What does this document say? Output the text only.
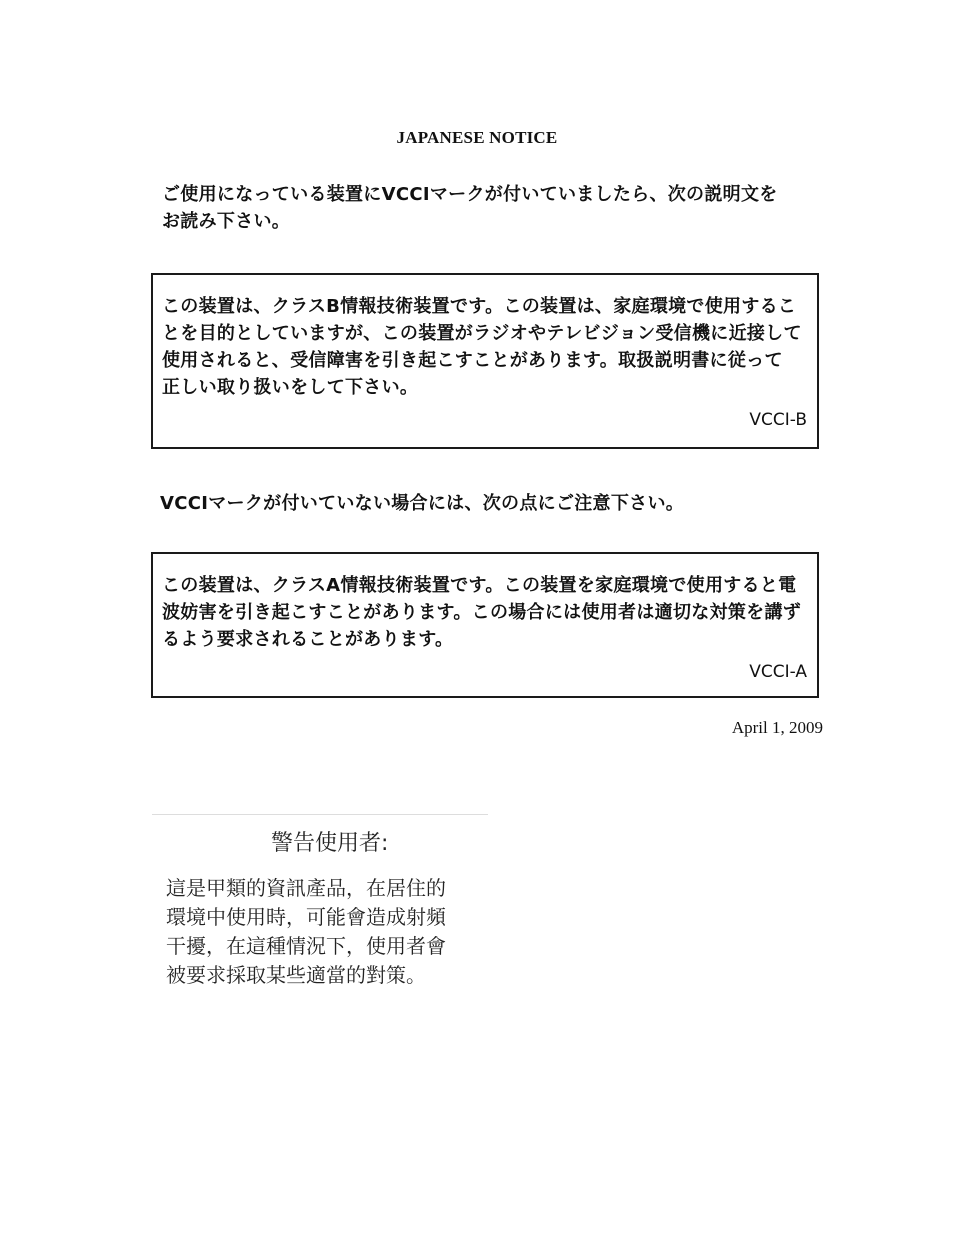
JAPANESE NOTICE
ご使用になっている装置にVCCIマークが付いていましたら、次の説明文を
お読み下さい。
この装置は、クラスB情報技術装置です。この装置は、家庭環境で使用するこ
とを目的としていますが、この装置がラジオやテレビジョン受信機に近接して
使用されると、受信障害を引き起こすことがあります。取扱説明書に従って
正しい取り扱いをして下さい。
VCCI-B
VCCIマークが付いていない場合には、次の点にご注意下さい。
この装置は、クラスA情報技術装置です。この装置を家庭環境で使用すると電
波妨害を引き起こすことがあります。この場合には使用者は適切な対策を講ず
るよう要求されることがあります。
VCCI-A
April 1, 2009
警告使用者:
這是甲類的資訊產品，在居住的
環境中使用時，可能會造成射頻
干擾，在這種情況下，使用者會
被要求採取某些適當的對策。
